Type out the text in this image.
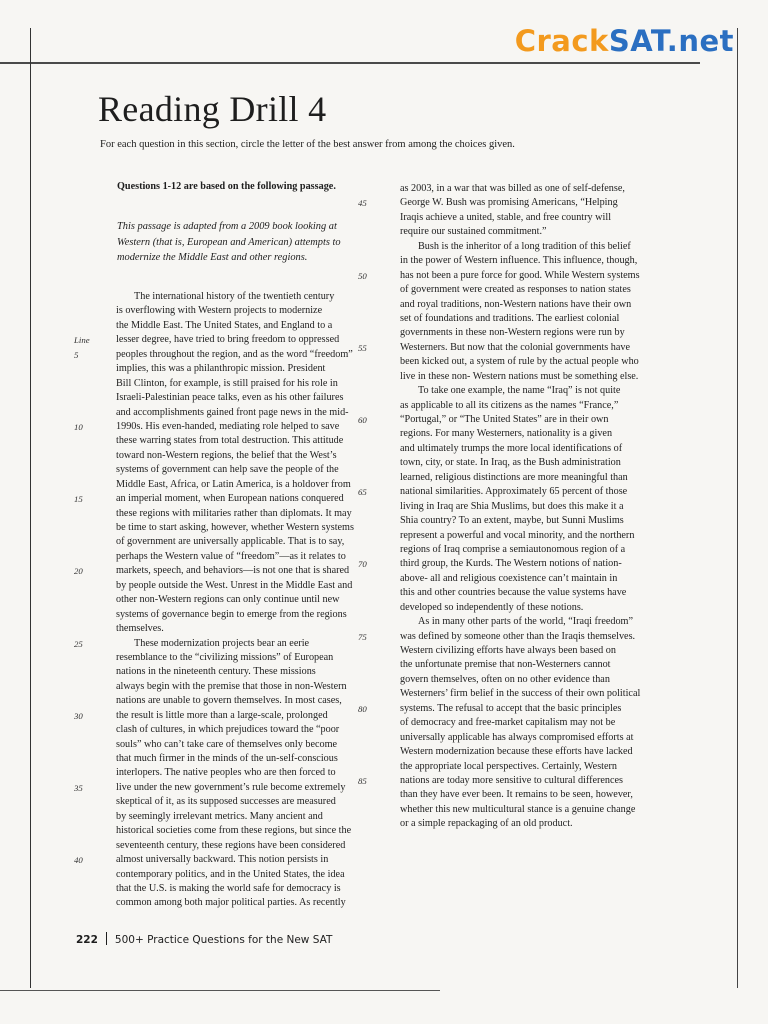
CrackSAT.net
Reading Drill 4

For each question in this section, circle the letter of the best answer from among the choices given.

Questions 1-12 are based on the following passage.

This passage is adapted from a 2009 book looking at Western (that is, European and American) attempts to modernize the Middle East and other regions.

The international history of the twentieth century
is overflowing with Western projects to modernize
the Middle East. The United States, and England to a
Line	lesser degree, have tried to bring freedom to oppressed
5	peoples throughout the region, and as the word “freedom”
implies, this was a philanthropic mission. President
Bill Clinton, for example, is still praised for his role in
Israeli-Palestinian peace talks, even as his other failures
and accomplishments gained front page news in the mid-
10	1990s. His even-handed, mediating role helped to save
these warring states from total destruction. This attitude
toward non-Western regions, the belief that the West’s
systems of government can help save the people of the
Middle East, Africa, or Latin America, is a holdover from
15	an imperial moment, when European nations conquered
these regions with militaries rather than diplomats. It may
be time to start asking, however, whether Western systems
of government are universally applicable. That is to say,
perhaps the Western value of “freedom”—as it relates to
20	markets, speech, and behaviors—is not one that is shared
by people outside the West. Unrest in the Middle East and
other non-Western regions can only continue until new
systems of governance begin to emerge from the regions
themselves.
25	These modernization projects bear an eerie
resemblance to the “civilizing missions” of European
nations in the nineteenth century. These missions
always begin with the premise that those in non-Western
nations are unable to govern themselves. In most cases,
30	the result is little more than a large-scale, prolonged
clash of cultures, in which prejudices toward the “poor
souls” who can’t take care of themselves only become
that much firmer in the minds of the un-self-conscious
interlopers. The native peoples who are then forced to
35	live under the new government’s rule become extremely
skeptical of it, as its supposed successes are measured
by seemingly irrelevant metrics. Many ancient and
historical societies come from these regions, but since the
seventeenth century, these regions have been considered
40	almost universally backward. This notion persists in
contemporary politics, and in the United States, the idea
that the U.S. is making the world safe for democracy is
common among both major political parties. As recently
as 2003, in a war that was billed as one of self-defense,
45	George W. Bush was promising Americans, “Helping
Iraqis achieve a united, stable, and free country will
require our sustained commitment.”
Bush is the inheritor of a long tradition of this belief
in the power of Western influence. This influence, though,
50	has not been a pure force for good. While Western systems
of government were created as responses to nation states
and royal traditions, non-Western nations have their own
set of foundations and traditions. The earliest colonial
governments in these non-Western regions were run by
55	Westerners. But now that the colonial governments have
been kicked out, a system of rule by the actual people who
live in these non- Western nations must be something else.
To take one example, the name “Iraq” is not quite
as applicable to all its citizens as the names “France,”
60	“Portugal,” or “The United States” are in their own
regions. For many Westerners, nationality is a given
and ultimately trumps the more local identifications of
town, city, or state. In Iraq, as the Bush administration
learned, religious distinctions are more meaningful than
65	national similarities. Approximately 65 percent of those
living in Iraq are Shia Muslims, but does this make it a
Shia country? To an extent, maybe, but Sunni Muslims
represent a powerful and vocal minority, and the northern
regions of Iraq comprise a semiautonomous region of a
70	third group, the Kurds. The Western notions of nation-
above- all and religious coexistence can’t maintain in
this and other countries because the value systems have
developed so independently of these notions.
As in many other parts of the world, “Iraqi freedom”
75	was defined by someone other than the Iraqis themselves.
Western civilizing efforts have always been based on
the unfortunate premise that non-Westerners cannot
govern themselves, often on no other evidence than
Westerners’ firm belief in the success of their own political
80	systems. The refusal to accept that the basic principles
of democracy and free-market capitalism may not be
universally applicable has always compromised efforts at
Western modernization because these efforts have lacked
the appropriate local perspectives. Certainly, Western
85	nations are today more sensitive to cultural differences
than they have ever been. It remains to be seen, however,
whether this new multicultural stance is a genuine change
or a simple repackaging of an old product.
222 500+ Practice Questions for the New SAT
